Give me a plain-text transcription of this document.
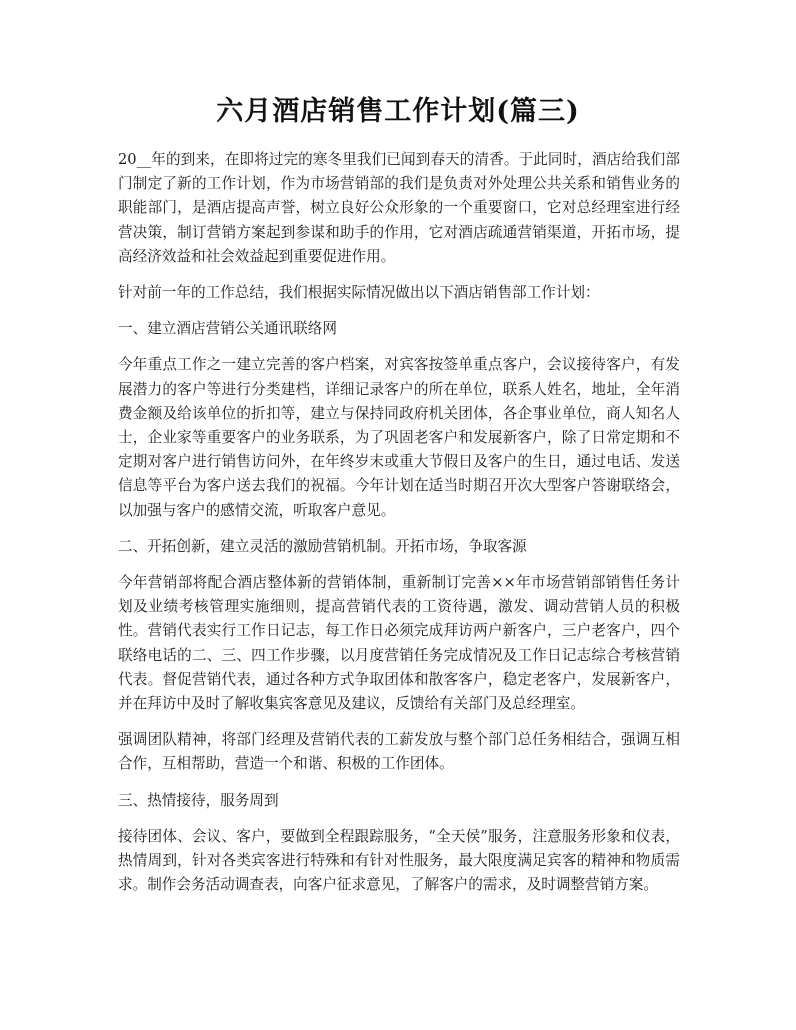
六月酒店销售工作计划(篇三)

20__年的到来，在即将过完的寒冬里我们已闻到春天的清香。于此同时，酒店给我们部门制定了新的工作计划，作为市场营销部的我们是负责对外处理公共关系和销售业务的职能部门，是酒店提高声誉，树立良好公众形象的一个重要窗口，它对总经理室进行经营决策，制订营销方案起到参谋和助手的作用，它对酒店疏通营销渠道，开拓市场，提高经济效益和社会效益起到重要促进作用。

针对前一年的工作总结，我们根据实际情况做出以下酒店销售部工作计划：

一、建立酒店营销公关通讯联络网

今年重点工作之一建立完善的客户档案，对宾客按签单重点客户，会议接待客户，有发展潜力的客户等进行分类建档，详细记录客户的所在单位，联系人姓名，地址，全年消费金额及给该单位的折扣等，建立与保持同政府机关团体，各企事业单位，商人知名人士，企业家等重要客户的业务联系，为了巩固老客户和发展新客户，除了日常定期和不定期对客户进行销售访问外，在年终岁末或重大节假日及客户的生日，通过电话、发送信息等平台为客户送去我们的祝福。今年计划在适当时期召开次大型客户答谢联络会，以加强与客户的感情交流，听取客户意见。

二、开拓创新，建立灵活的激励营销机制。开拓市场，争取客源

今年营销部将配合酒店整体新的营销体制，重新制订完善××年市场营销部销售任务计划及业绩考核管理实施细则，提高营销代表的工资待遇，激发、调动营销人员的积极性。营销代表实行工作日记志，每工作日必须完成拜访两户新客户，三户老客户，四个联络电话的二、三、四工作步骤，以月度营销任务完成情况及工作日记志综合考核营销代表。督促营销代表，通过各种方式争取团体和散客客户，稳定老客户，发展新客户，并在拜访中及时了解收集宾客意见及建议，反馈给有关部门及总经理室。

强调团队精神，将部门经理及营销代表的工薪发放与整个部门总任务相结合，强调互相合作，互相帮助，营造一个和谐、积极的工作团体。

三、热情接待，服务周到

接待团体、会议、客户，要做到全程跟踪服务，“全天侯”服务，注意服务形象和仪表，热情周到，针对各类宾客进行特殊和有针对性服务，最大限度满足宾客的精神和物质需求。制作会务活动调查表，向客户征求意见，了解客户的需求，及时调整营销方案。
